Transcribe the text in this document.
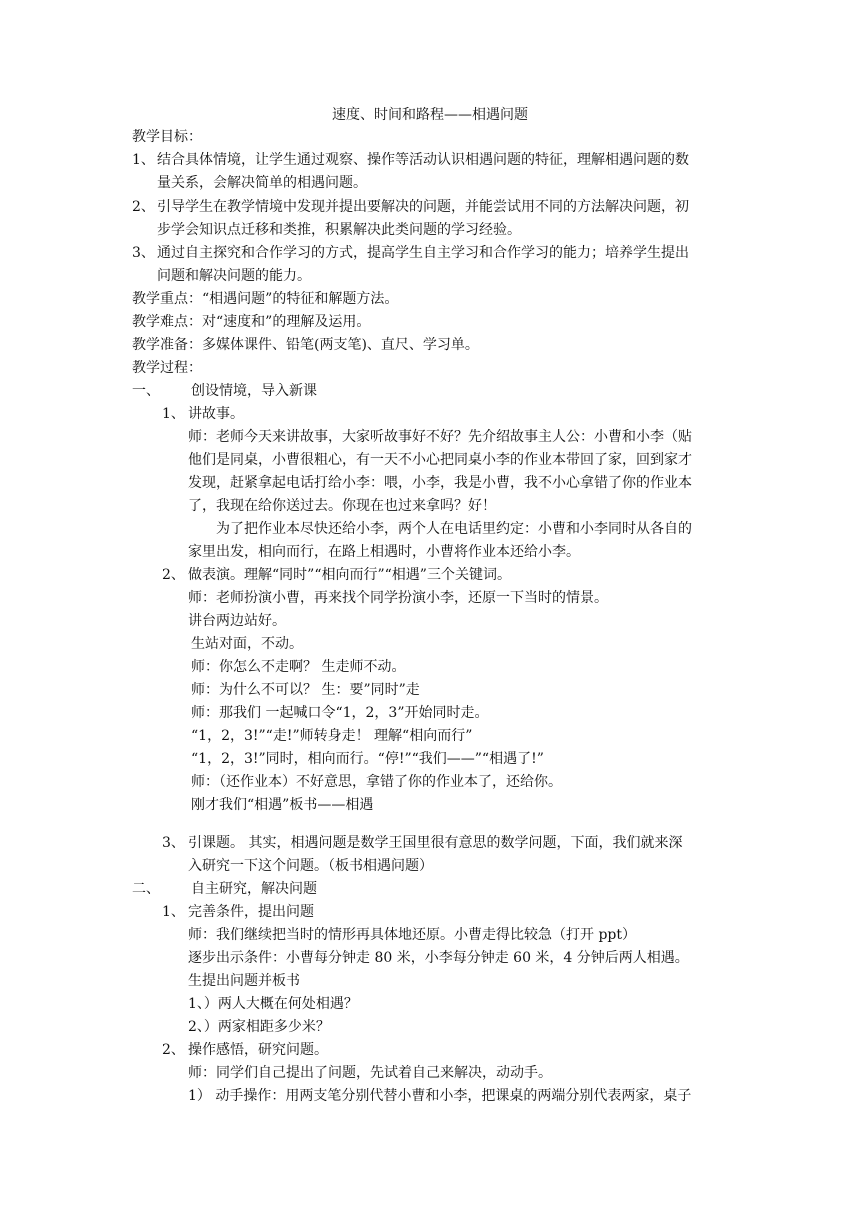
速度、时间和路程——相遇问题
教学目标：
1、 结合具体情境，让学生通过观察、操作等活动认识相遇问题的特征，理解相遇问题的数
量关系，会解决简单的相遇问题。
2、 引导学生在教学情境中发现并提出要解决的问题，并能尝试用不同的方法解决问题，初
步学会知识点迁移和类推，积累解决此类问题的学习经验。
3、 通过自主探究和合作学习的方式，提高学生自主学习和合作学习的能力；培养学生提出
问题和解决问题的能力。
教学重点：“相遇问题”的特征和解题方法。
教学难点：对“速度和”的理解及运用。
教学准备：多媒体课件、铅笔(两支笔)、直尺、学习单。
教学过程：
一、 创设情境，导入新课
1、 讲故事。
师：老师今天来讲故事，大家听故事好不好？先介绍故事主人公：小曹和小李（贴
他们是同桌，小曹很粗心，有一天不小心把同桌小李的作业本带回了家，回到家才
发现，赶紧拿起电话打给小李：喂，小李，我是小曹，我不小心拿错了你的作业本
了，我现在给你送过去。你现在也过来拿吗？好！
为了把作业本尽快还给小李，两个人在电话里约定：小曹和小李同时从各自的
家里出发，相向而行，在路上相遇时，小曹将作业本还给小李。
2、 做表演。理解“同时”“相向而行”“相遇”三个关键词。
师：老师扮演小曹，再来找个同学扮演小李，还原一下当时的情景。
讲台两边站好。
生站对面，不动。
师：你怎么不走啊？ 生走师不动。
师：为什么不可以？ 生：要”同时”走
师：那我们 一起喊口令“1，2，3”开始同时走。
“1，2，3!”“走!”师转身走！ 理解“相向而行”
“1，2，3!”同时，相向而行。“停!”“我们——”“相遇了!”
师：（还作业本）不好意思，拿错了你的作业本了，还给你。
刚才我们“相遇”板书——相遇
3、 引课题。 其实，相遇问题是数学王国里很有意思的数学问题，下面，我们就来深
入研究一下这个问题。（板书相遇问题）
二、 自主研究，解决问题
1、 完善条件，提出问题
师：我们继续把当时的情形再具体地还原。小曹走得比较急（打开 ppt）
逐步出示条件：小曹每分钟走 80 米，小李每分钟走 60 米，4 分钟后两人相遇。
生提出问题并板书
1、）两人大概在何处相遇？
2、）两家相距多少米？
2、 操作感悟，研究问题。
师：同学们自己提出了问题，先试着自己来解决，动动手。
1） 动手操作：用两支笔分别代替小曹和小李，把课桌的两端分别代表两家，桌子
